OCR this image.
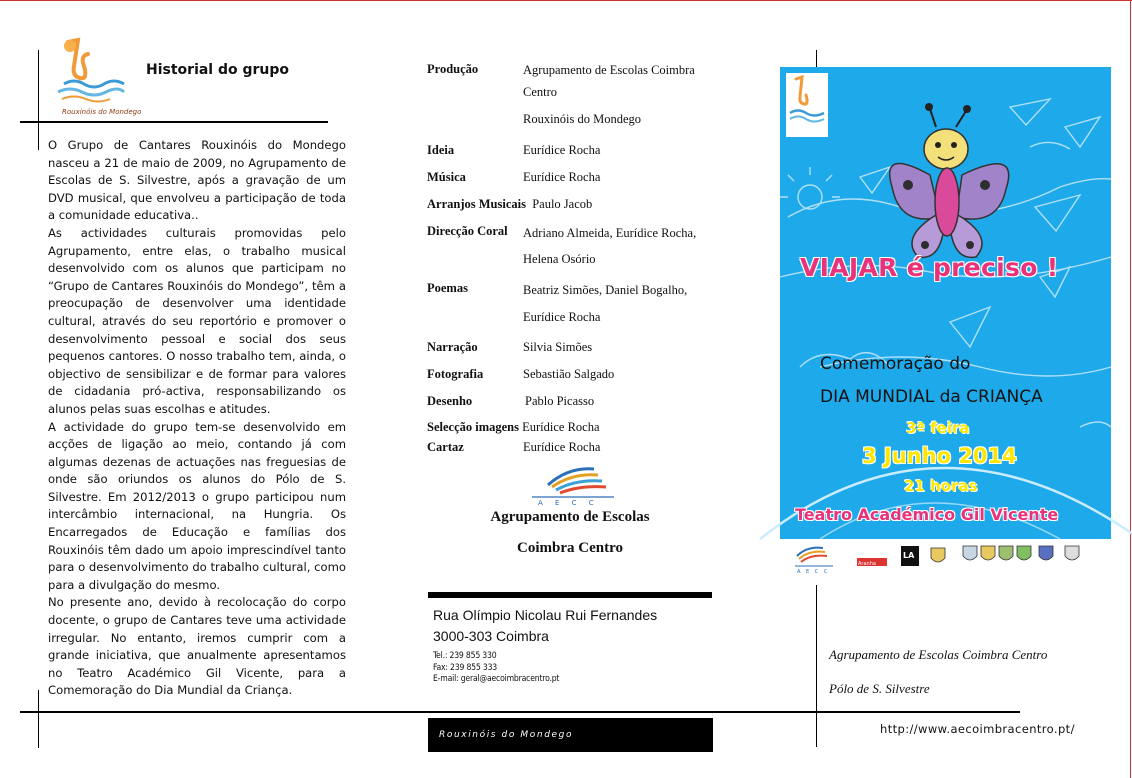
Rouxinóis do Mondego
Historial do grupo

O Grupo de Cantares Rouxinóis do Mondego nasceu a 21 de maio de 2009, no Agrupamento de Escolas de S. Silvestre, após a gravação de um DVD musical, que envolveu a participação de toda a comunidade educativa..

As actividades culturais promovidas pelo Agrupamento, entre elas, o trabalho musical desenvolvido com os alunos que participam no “Grupo de Cantares Rouxinóis do Mondego”, têm a preocupação de desenvolver uma identidade cultural, através do seu reportório e promover o desenvolvimento pessoal e social dos seus pequenos cantores. O nosso trabalho tem, ainda, o objectivo de sensibilizar e de formar para valores de cidadania pró-activa, responsabilizando os alunos pelas suas escolhas e atitudes.

A actividade do grupo tem-se desenvolvido em acções de ligação ao meio, contando já com algumas dezenas de actuações nas freguesias de onde são oriundos os alunos do Pólo de S. Silvestre. Em 2012/2013 o grupo participou num intercâmbio internacional, na Hungria. Os Encarregados de Educação e famílias dos Rouxinóis têm dado um apoio imprescindível tanto para o desenvolvimento do trabalho cultural, como para a divulgação do mesmo.

No presente ano, devido à recolocação do corpo docente, o grupo de Cantares teve uma actividade irregular. No entanto, iremos cumprir com a grande iniciativa, que anualmente apresentamos no Teatro Académico Gil Vicente, para a Comemoração do Dia Mundial da Criança.

Produção	Agrupamento de Escolas Coimbra Centro
Rouxinóis do Mondego
Ideia	Eurídice Rocha
Música	Eurídice Rocha
Arranjos Musicais Paulo Jacob
Direcção Coral	Adriano Almeida, Eurídice Rocha, Helena Osório
Poemas	Beatriz Simões, Daniel Bogalho, Eurídice Rocha
Narração	Silvia Simões
Fotografia	Sebastião Salgado
Desenho	Pablo Picasso
Selecção imagens Eurídice Rocha
Cartaz	Eurídice Rocha
A E C C
Agrupamento de Escolas
Coimbra Centro
Rua Olímpio Nicolau Rui Fernandes
3000-303 Coimbra
Tel.: 239 855 330
Fax: 239 855 333
E-mail: geral@aecoimbracentro.pt
Rouxinóis do Mondego
VIAJAR é preciso !
Comemoração do
DIA MUNDIAL da CRIANÇA
3ª feira
3 Junho 2014
21 horas
Teatro Académico Gil Vicente
A E C C
Aranha
LA
Agrupamento de Escolas Coimbra Centro
Pólo de S. Silvestre
http://www.aecoimbracentro.pt/
